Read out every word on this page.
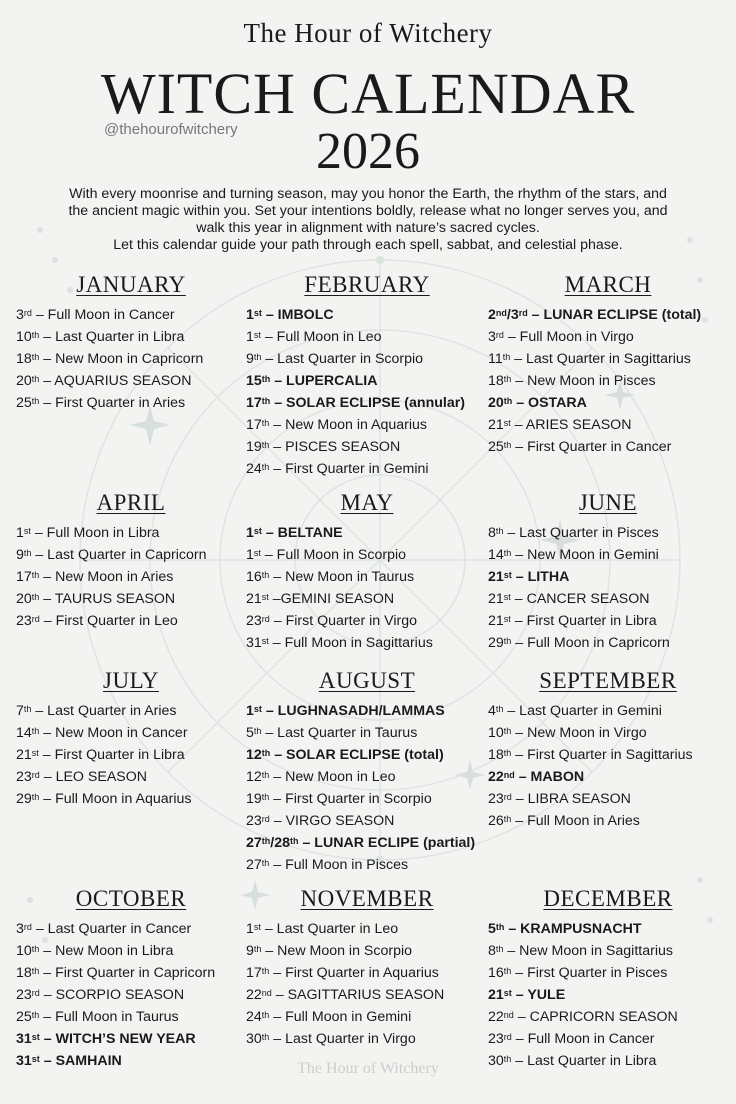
The Hour of Witchery
WITCH CALENDAR
@thehourofwitchery	2026
With every moonrise and turning season, may you honor the Earth, the rhythm of the stars, and
the ancient magic within you. Set your intentions boldly, release what no longer serves you, and
walk this year in alignment with nature’s sacred cycles.
Let this calendar guide your path through each spell, sabbat, and celestial phase.
JANUARY
3rd – Full Moon in Cancer
10th – Last Quarter in Libra
18th – New Moon in Capricorn
20th – AQUARIUS SEASON
25th – First Quarter in Aries
FEBRUARY
1st – IMBOLC
1st – Full Moon in Leo
9th – Last Quarter in Scorpio
15th – LUPERCALIA
17th – SOLAR ECLIPSE (annular)
17th – New Moon in Aquarius
19th – PISCES SEASON
24th – First Quarter in Gemini
MARCH
2nd/3rd – LUNAR ECLIPSE (total)
3rd – Full Moon in Virgo
11th – Last Quarter in Sagittarius
18th – New Moon in Pisces
20th – OSTARA
21st – ARIES SEASON
25th – First Quarter in Cancer
APRIL
1st – Full Moon in Libra
9th – Last Quarter in Capricorn
17th – New Moon in Aries
20th – TAURUS SEASON
23rd – First Quarter in Leo
MAY
1st – BELTANE
1st – Full Moon in Scorpio
16th – New Moon in Taurus
21st –GEMINI SEASON
23rd – First Quarter in Virgo
31st – Full Moon in Sagittarius
JUNE
8th – Last Quarter in Pisces
14th – New Moon in Gemini
21st – LITHA
21st – CANCER SEASON
21st – First Quarter in Libra
29th – Full Moon in Capricorn
JULY
7th – Last Quarter in Aries
14th – New Moon in Cancer
21st – First Quarter in Libra
23rd – LEO SEASON
29th – Full Moon in Aquarius
AUGUST
1st – LUGHNASADH/LAMMAS
5th – Last Quarter in Taurus
12th – SOLAR ECLIPSE (total)
12th – New Moon in Leo
19th – First Quarter in Scorpio
23rd – VIRGO SEASON
27th/28th – LUNAR ECLIPE (partial)
27th – Full Moon in Pisces
SEPTEMBER
4th – Last Quarter in Gemini
10th – New Moon in Virgo
18th – First Quarter in Sagittarius
22nd – MABON
23rd – LIBRA SEASON
26th – Full Moon in Aries
OCTOBER
3rd – Last Quarter in Cancer
10th – New Moon in Libra
18th – First Quarter in Capricorn
23rd – SCORPIO SEASON
25th – Full Moon in Taurus
31st – WITCH’S NEW YEAR
31st – SAMHAIN
NOVEMBER
1st – Last Quarter in Leo
9th – New Moon in Scorpio
17th – First Quarter in Aquarius
22nd – SAGITTARIUS SEASON
24th – Full Moon in Gemini
30th – Last Quarter in Virgo
DECEMBER
5th – KRAMPUSNACHT
8th – New Moon in Sagittarius
16th – First Quarter in Pisces
21st – YULE
22nd – CAPRICORN SEASON
23rd – Full Moon in Cancer
30th – Last Quarter in Libra
The Hour of Witchery
